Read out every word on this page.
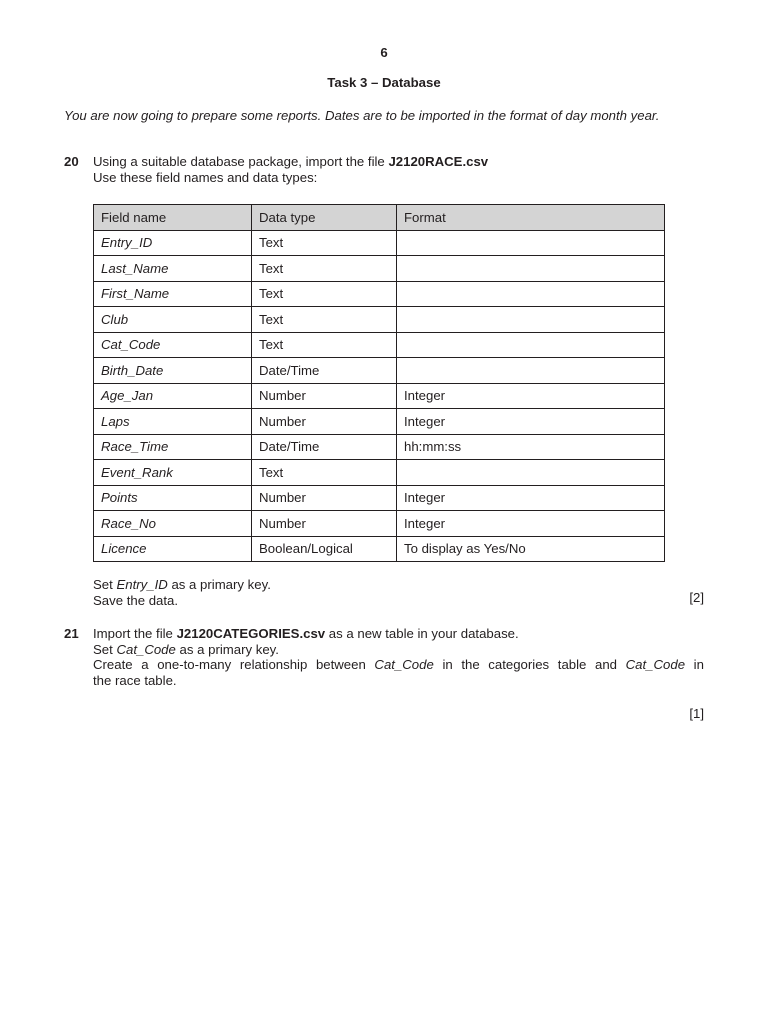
6
Task 3 – Database
You are now going to prepare some reports. Dates are to be imported in the format of day month year.
20 Using a suitable database package, import the file J2120RACE.csv
Use these field names and data types:
Field name	Data type	Format
Entry_ID	Text	
Last_Name	Text	
First_Name	Text	
Club	Text	
Cat_Code	Text	
Birth_Date	Date/Time	
Age_Jan	Number	Integer
Laps	Number	Integer
Race_Time	Date/Time	hh:mm:ss
Event_Rank	Text	
Points	Number	Integer
Race_No	Number	Integer
Licence	Boolean/Logical	To display as Yes/No
Set Entry_ID as a primary key.
Save the data.	[2]
21 Import the file J2120CATEGORIES.csv as a new table in your database.
Set Cat_Code as a primary key.
Create a one-to-many relationship between Cat_Code in the categories table and Cat_Code in
the race table.
[1]
